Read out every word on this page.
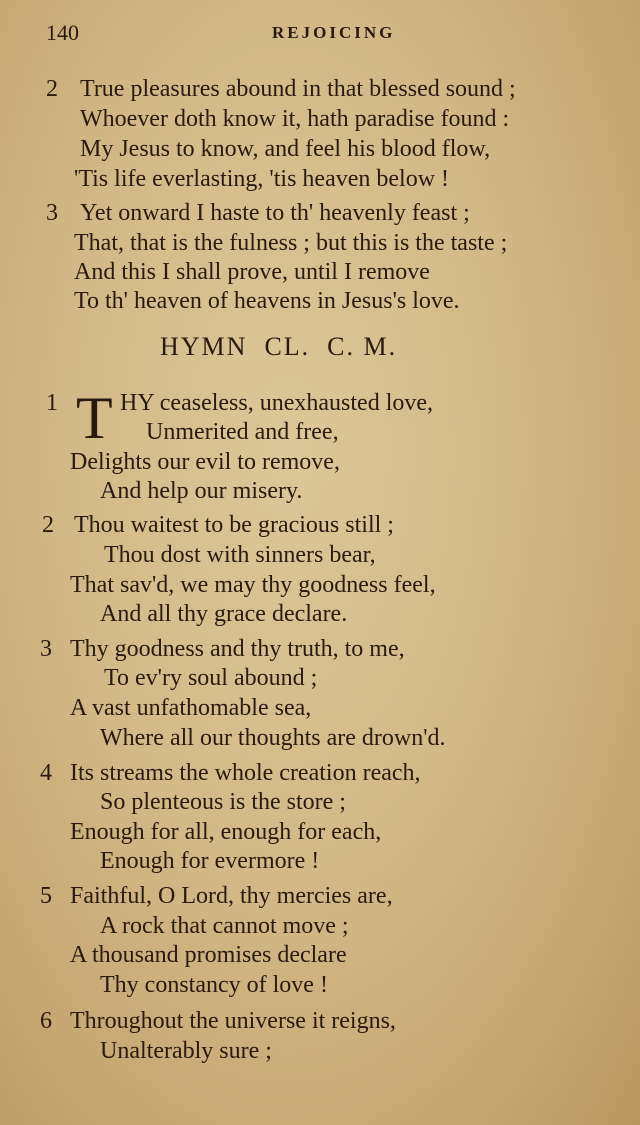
140	REJOICING
2 True pleasures abound in that blessed sound ;
Whoever doth know it, hath paradise found :
My Jesus to know, and feel his blood flow,
'Tis life everlasting, 'tis heaven below !
3 Yet onward I haste to th' heavenly feast ;
That, that is the fulness ; but this is the taste ;
And this I shall prove, until I remove
To th' heaven of heavens in Jesus's love.
HYMN  CL.  C. M.
1 T HY ceaseless, unexhausted love,
Unmerited and free,
Delights our evil to remove,
And help our misery.
2 Thou waitest to be gracious still ;
Thou dost with sinners bear,
That sav'd, we may thy goodness feel,
And all thy grace declare.
3 Thy goodness and thy truth, to me,
To ev'ry soul abound ;
A vast unfathomable sea,
Where all our thoughts are drown'd.
4 Its streams the whole creation reach,
So plenteous is the store ;
Enough for all, enough for each,
Enough for evermore !
5 Faithful, O Lord, thy mercies are,
A rock that cannot move ;
A thousand promises declare
Thy constancy of love !
6 Throughout the universe it reigns,
Unalterably sure ;
